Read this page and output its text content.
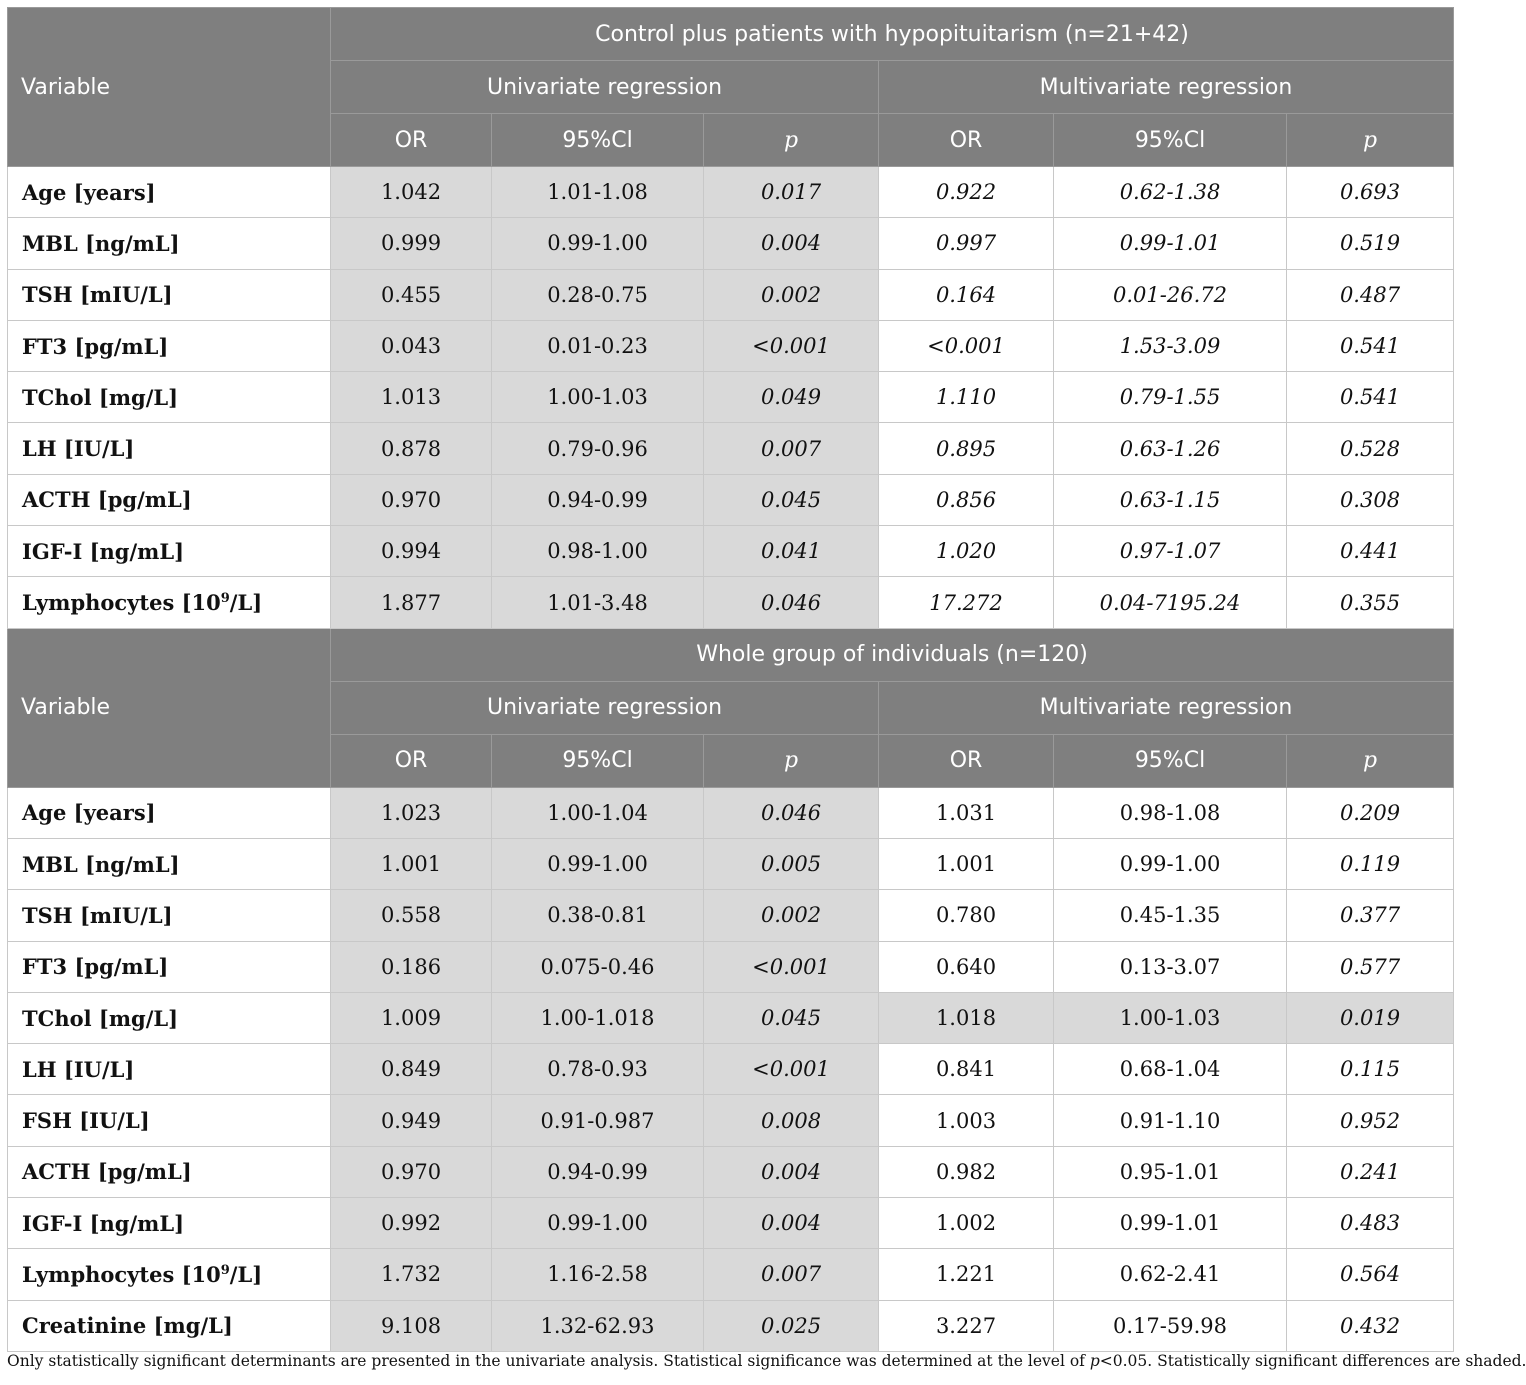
Variable	Control plus patients with hypopituitarism (n=21+42)					
	Univariate regression			Multivariate regression		
	OR	95%Cl	p	OR	95%Cl	p
Age [years]	1.042	1.01-1.08	0.017	0.922	0.62-1.38	0.693
MBL [ng/mL]	0.999	0.99-1.00	0.004	0.997	0.99-1.01	0.519
TSH [mIU/L]	0.455	0.28-0.75	0.002	0.164	0.01-26.72	0.487
FT3 [pg/mL]	0.043	0.01-0.23	<0.001	<0.001	1.53-3.09	0.541
TChol [mg/L]	1.013	1.00-1.03	0.049	1.110	0.79-1.55	0.541
LH [IU/L]	0.878	0.79-0.96	0.007	0.895	0.63-1.26	0.528
ACTH [pg/mL]	0.970	0.94-0.99	0.045	0.856	0.63-1.15	0.308
IGF-I [ng/mL]	0.994	0.98-1.00	0.041	1.020	0.97-1.07	0.441
Lymphocytes $[10^9/L]$	1.877	1.01-3.48	0.046	17.272	0.04-7195.24	0.355
Variable	Whole group of individuals (n=120)					
	Univariate regression			Multivariate regression		
	OR	95%Cl	p	OR	95%Cl	p
Age [years]	1.023	1.00-1.04	0.046	1.031	0.98-1.08	0.209
MBL [ng/mL]	1.001	0.99-1.00	0.005	1.001	0.99-1.00	0.119
TSH [mIU/L]	0.558	0.38-0.81	0.002	0.780	0.45-1.35	0.377
FT3 [pg/mL]	0.186	0.075-0.46	<0.001	0.640	0.13-3.07	0.577
TChol [mg/L]	1.009	1.00-1.018	0.045	1.018	1.00-1.03	0.019
LH [IU/L]	0.849	0.78-0.93	<0.001	0.841	0.68-1.04	0.115
FSH [IU/L]	0.949	0.91-0.987	0.008	1.003	0.91-1.10	0.952
ACTH [pg/mL]	0.970	0.94-0.99	0.004	0.982	0.95-1.01	0.241
IGF-I [ng/mL]	0.992	0.99-1.00	0.004	1.002	0.99-1.01	0.483
Lymphocytes $[10^9/L]$	1.732	1.16-2.58	0.007	1.221	0.62-2.41	0.564
Creatinine [mg/L]	9.108	1.32-62.93	0.025	3.227	0.17-59.98	0.432
Only statistically significant determinants are presented in the univariate analysis. Statistical significance was determined at the level of p<0.05. Statistically significant differences are shaded.
